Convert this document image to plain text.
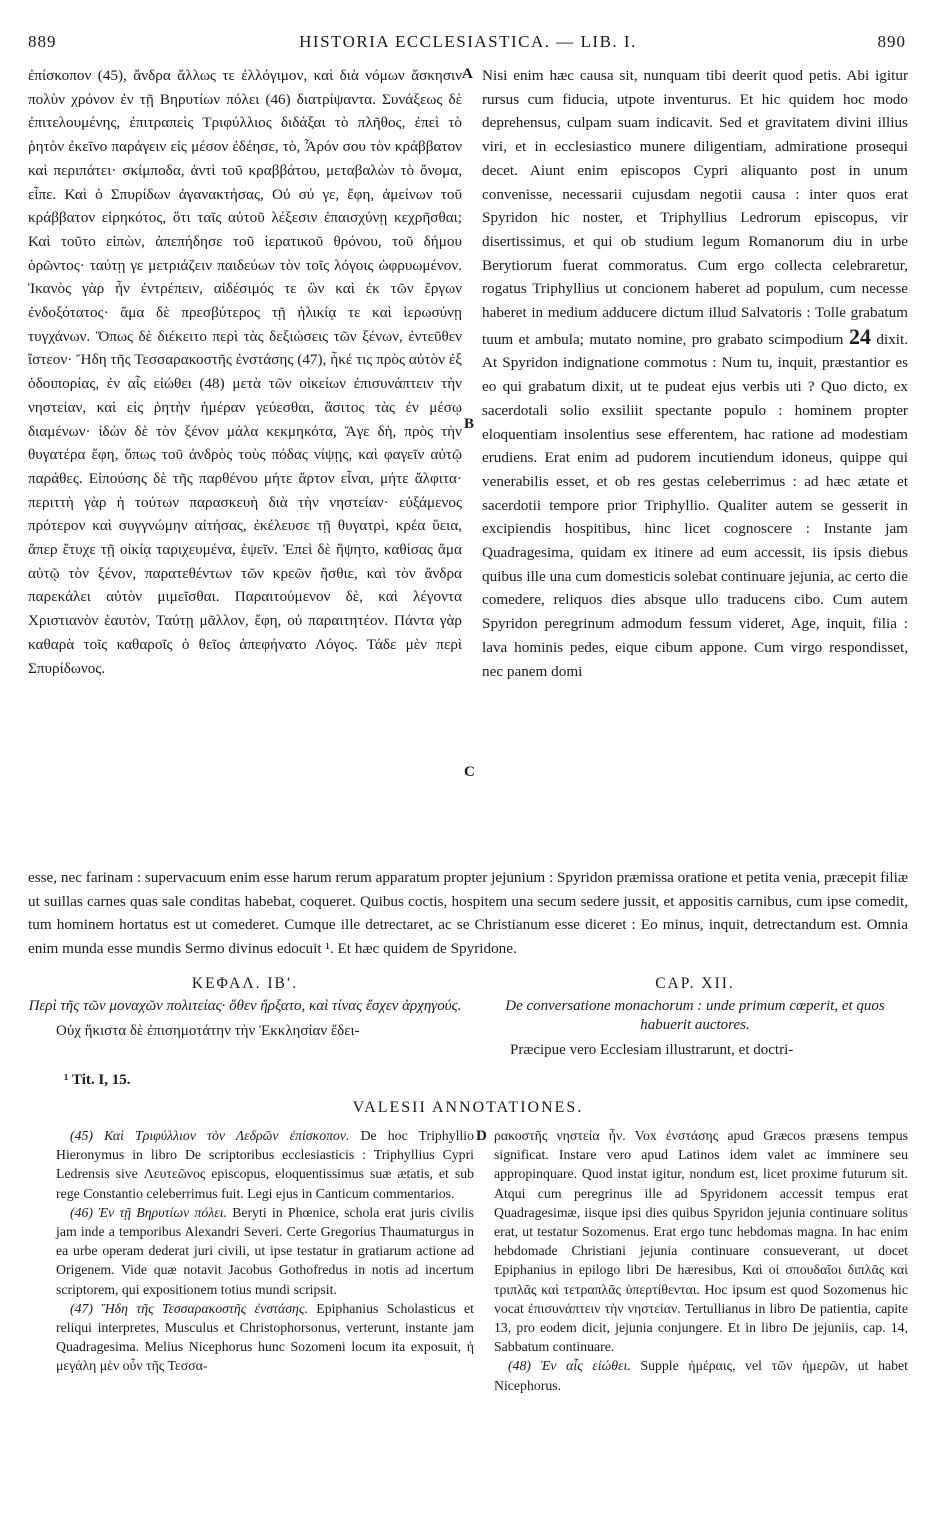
889	HISTORIA ECCLESIASTICA. — LIB. I.	890

ἐπίσκοπον (45), ἄνδρα ἄλλως τε ἐλλόγιμον, καὶ διὰ νόμων ἄσκησιν πολὺν χρόνον ἐν τῇ Βηρυτίων πόλει (46) διατρίψαντα. Συνάξεως δὲ ἐπιτελουμένης, ἐπιτραπεὶς Τριφύλλιος διδάξαι τὸ πλῆθος, ἐπεὶ τὸ ῥητὸν ἐκεῖνο παράγειν εἰς μέσον ἐδέησε, τὸ, Ἆρόν σου τὸν κράββατον καὶ περιπάτει· σκίμποδα, ἀντὶ τοῦ κραββάτου, μεταβαλὼν τὸ ὄνομα, εἶπε. Καὶ ὁ Σπυρίδων ἀγανακτήσας, Οὐ σύ γε, ἔφη, ἀμείνων τοῦ κράββατον εἰρηκότος, ὅτι ταῖς αὐτοῦ λέξεσιν ἐπαισχύνῃ κεχρῆσθαι; Καὶ τοῦτο εἰπὼν, ἀπεπήδησε τοῦ ἱερατικοῦ θρόνου, τοῦ δήμου ὁρῶντος· ταύτῃ γε μετριάζειν παιδεύων τὸν τοῖς λόγοις ὠφρυωμένον. Ἱκανὸς γὰρ ἦν ἐντρέπειν, αἰδέσιμός τε ὢν καὶ ἐκ τῶν ἔργων ἐνδοξότατος· ἅμα δὲ πρεσβύτερος τῇ ἡλικίᾳ τε καὶ ἱερωσύνῃ τυγχάνων. Ὅπως δὲ διέκειτο περὶ τὰς δεξιώσεις τῶν ξένων, ἐντεῦθεν ἴστεον· Ἤδη τῆς Τεσσαρακοστῆς ἐνστάσης (47), ἧκέ τις πρὸς αὐτὸν ἐξ ὁδοιπορίας, ἐν αἷς εἰώθει (48) μετὰ τῶν οἰκείων ἐπισυνάπτειν τὴν νηστείαν, καὶ εἰς ῥητὴν ἡμέραν γεύεσθαι, ἄσιτος τὰς ἐν μέσῳ διαμένων· ἰδὼν δὲ τὸν ξένον μάλα κεκμηκότα, Ἄγε δὴ, πρὸς τὴν θυγατέρα ἔφη, ὅπως τοῦ ἀνδρὸς τοὺς πόδας νίψῃς, καὶ φαγεῖν αὐτῷ παράθες. Εἰπούσης δὲ τῆς παρθένου μήτε ἄρτον εἶναι, μήτε ἄλφιτα· περιττὴ γὰρ ἡ τούτων παρασκευὴ διὰ τὴν νηστείαν· εὐξάμενος πρότερον καὶ συγγνώμην αἰτήσας, ἐκέλευσε τῇ θυγατρὶ, κρέα ὕεια, ἅπερ ἔτυχε τῇ οἰκίᾳ ταριχευμένα, ἑψεῖν. Ἐπεὶ δὲ ἥψητο, καθίσας ἅμα αὐτῷ τὸν ξένον, παρατεθέντων τῶν κρεῶν ἤσθιε, καὶ τὸν ἄνδρα παρεκάλει αὐτὸν μιμεῖσθαι. Παραιτούμενον δὲ, καὶ λέγοντα Χριστιανὸν ἑαυτὸν, Ταύτῃ μᾶλλον, ἔφη, οὐ παραιτητέον. Πάντα γὰρ καθαρὰ τοῖς καθαροῖς ὁ θεῖος ἀπεφήνατο Λόγος. Τάδε μὲν περὶ Σπυρίδωνος.

A
B
C
D

Nisi enim hæc causa sit, nunquam tibi deerit quod petis. Abi igitur rursus cum fiducia, utpote inventurus. Et hic quidem hoc modo deprehensus, culpam suam indicavit. Sed et gravitatem divini illius viri, et in ecclesiastico munere diligentiam, admiratione prosequi decet. Aiunt enim episcopos Cypri aliquanto post in unum convenisse, necessarii cujusdam negotii causa : inter quos erat Spyridon hic noster, et Triphyllius Ledrorum episcopus, vir disertissimus, et qui ob studium legum Romanorum diu in urbe Berytiorum fuerat commoratus. Cum ergo collecta celebraretur, rogatus Triphyllius ut concionem haberet ad populum, cum necesse haberet in medium adducere dictum illud Salvatoris : Tolle grabatum tuum et ambula; mutato nomine, pro grabato scimpodium 24 dixit. At Spyridon indignatione commotus : Num tu, inquit, præstantior es eo qui grabatum dixit, ut te pudeat ejus verbis uti ? Quo dicto, ex sacerdotali solio exsiliit spectante populo : hominem propter eloquentiam insolentius sese efferentem, hac ratione ad modestiam erudiens. Erat enim ad pudorem incutiendum idoneus, quippe qui venerabilis esset, et ob res gestas celeberrimus : ad hæc ætate et sacerdotii tempore prior Triphyllio. Qualiter autem se gesserit in excipiendis hospitibus, hinc licet cognoscere : Instante jam Quadragesima, quidam ex itinere ad eum accessit, iis ipsis diebus quibus ille una cum domesticis solebat continuare jejunia, ac certo die comedere, reliquos dies absque ullo traducens cibo. Cum autem Spyridon peregrinum admodum fessum videret, Age, inquit, filia : lava hominis pedes, eique cibum appone. Cum virgo respondisset, nec panem domi

esse, nec farinam : supervacuum enim esse harum rerum apparatum propter jejunium : Spyridon præmissa oratione et petita venia, præcepit filiæ ut suillas carnes quas sale conditas habebat, coqueret. Quibus coctis, hospitem una secum sedere jussit, et appositis carnibus, cum ipse comedit, tum hominem hortatus est ut comederet. Cumque ille detrectaret, ac se Christianum esse diceret : Eo minus, inquit, detrectandum est. Omnia enim munda esse mundis Sermo divinus edocuit ¹. Et hæc quidem de Spyridone.

ΚΕΦΑΛ. ΙΒʹ.
Περὶ τῆς τῶν μοναχῶν πολιτείας· ὅθεν ἤρξατο, καὶ τίνας ἔσχεν ἀρχηγούς.
Οὐχ ἥκιστα δὲ ἐπισημοτάτην τὴν Ἐκκλησίαν ἔδει-
CAP. XII.
De conversatione monachorum : unde primum cœperit, et quos habuerit auctores.
Præcipue vero Ecclesiam illustrarunt, et doctri-
¹ Tit. I, 15.
VALESII ANNOTATIONES.

(45) Καὶ Τριφύλλιον τὸν Λεδρῶν ἐπίσκοπον. De hoc Triphyllio Hieronymus in libro De scriptoribus ecclesiasticis : Triphyllius Cypri Ledrensis sive Λευτεῶνος episcopus, eloquentissimus suæ ætatis, et sub rege Constantio celeberrimus fuit. Legi ejus in Canticum commentarios.

(46) Ἐν τῇ Βηρυτίων πόλει. Beryti in Phœnice, schola erat juris civilis jam inde a temporibus Alexandri Severi. Certe Gregorius Thaumaturgus in ea urbe operam dederat juri civili, ut ipse testatur in gratiarum actione ad Origenem. Vide quæ notavit Jacobus Gothofredus in notis ad incertum scriptorem, qui expositionem totius mundi scripsit.

(47) Ἤδη τῆς Τεσσαρακοστῆς ἐνστάσης. Epiphanius Scholasticus et reliqui interpretes, Musculus et Christophorsonus, verterunt, instante jam Quadragesima. Melius Nicephorus hunc Sozomeni locum ita exposuit, ἡ μεγάλη μὲν οὖν τῆς Τεσσα-

ρακοστῆς νηστεία ἦν. Vox ἐνστάσης apud Græcos præsens tempus significat. Instare vero apud Latinos idem valet ac imminere seu appropinquare. Quod instat igitur, nondum est, licet proxime futurum sit. Atqui cum peregrinus ille ad Spyridonem accessit tempus erat Quadragesimæ, iisque ipsi dies quibus Spyridon jejunia continuare solitus erat, ut testatur Sozomenus. Erat ergo tunc hebdomas magna. In hac enim hebdomade Christiani jejunia continuare consueverant, ut docet Epiphanius in epilogo libri De hæresibus, Καὶ οἱ σπουδαῖοι διπλᾶς καὶ τριπλᾶς καὶ τετραπλᾶς ὑπερτίθενται. Hoc ipsum est quod Sozomenus hic vocat ἐπισυνάπτειν τὴν νηστείαν. Tertullianus in libro De patientia, capite 13, pro eodem dicit, jejunia conjungere. Et in libro De jejuniis, cap. 14, Sabbatum continuare.

(48) Ἐν αἷς εἰώθει. Supple ἡμέραις, vel τῶν ἡμερῶν, ut habet Nicephorus.
